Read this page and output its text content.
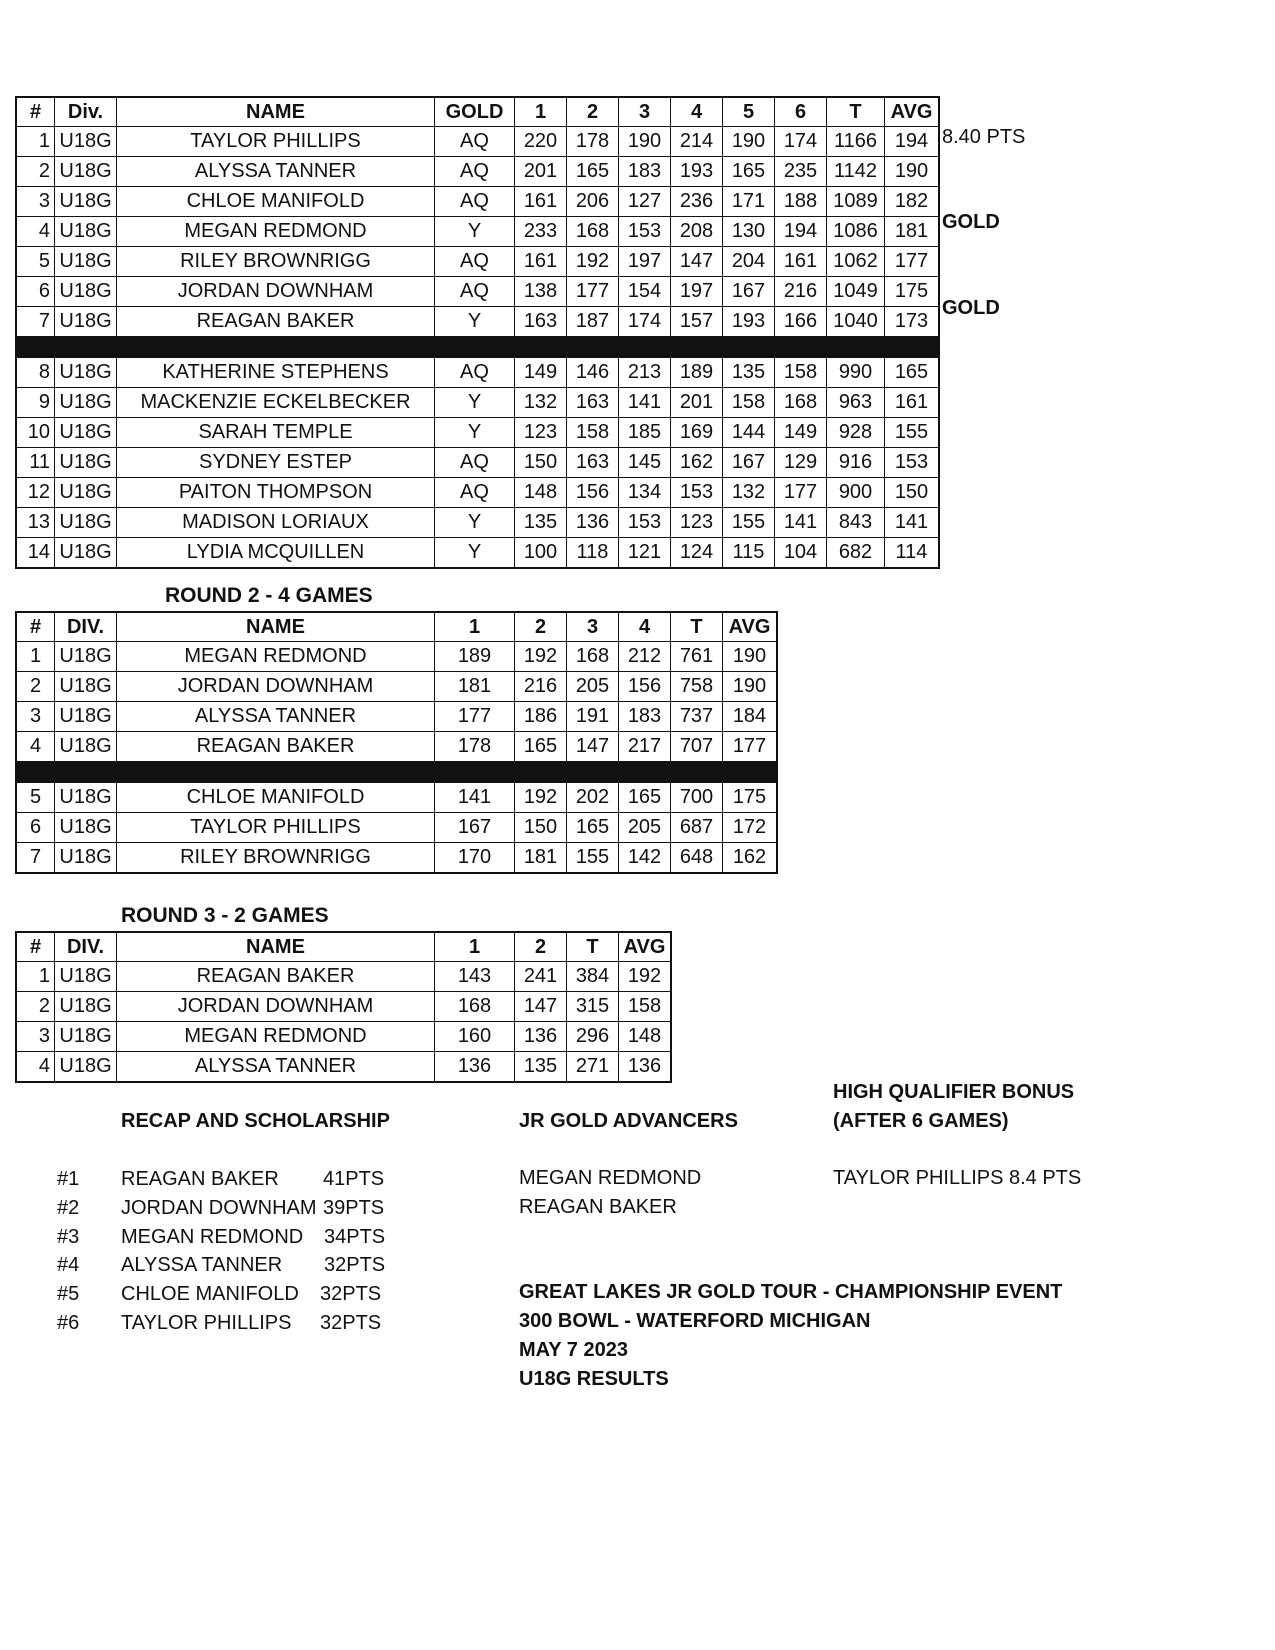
#	Div.	NAME	GOLD	1	2	3	4	5	6	T	AVG
1	U18G	TAYLOR PHILLIPS	AQ	220	178	190	214	190	174	1166	194
2	U18G	ALYSSA TANNER	AQ	201	165	183	193	165	235	1142	190
3	U18G	CHLOE MANIFOLD	AQ	161	206	127	236	171	188	1089	182
4	U18G	MEGAN REDMOND	Y	233	168	153	208	130	194	1086	181
5	U18G	RILEY BROWNRIGG	AQ	161	192	197	147	204	161	1062	177
6	U18G	JORDAN DOWNHAM	AQ	138	177	154	197	167	216	1049	175
7	U18G	REAGAN BAKER	Y	163	187	174	157	193	166	1040	173

8	U18G	KATHERINE STEPHENS	AQ	149	146	213	189	135	158	990	165
9	U18G	MACKENZIE ECKELBECKER	Y	132	163	141	201	158	168	963	161
10	U18G	SARAH TEMPLE	Y	123	158	185	169	144	149	928	155
11	U18G	SYDNEY ESTEP	AQ	150	163	145	162	167	129	916	153
12	U18G	PAITON THOMPSON	AQ	148	156	134	153	132	177	900	150
13	U18G	MADISON LORIAUX	Y	135	136	153	123	155	141	843	141
14	U18G	LYDIA MCQUILLEN	Y	100	118	121	124	115	104	682	114
8.40 PTS
GOLD
GOLD
ROUND 2 - 4 GAMES
#	DIV.	NAME	1	2	3	4	T	AVG
1	U18G	MEGAN REDMOND	189	192	168	212	761	190
2	U18G	JORDAN DOWNHAM	181	216	205	156	758	190
3	U18G	ALYSSA TANNER	177	186	191	183	737	184
4	U18G	REAGAN BAKER	178	165	147	217	707	177

5	U18G	CHLOE MANIFOLD	141	192	202	165	700	175
6	U18G	TAYLOR PHILLIPS	167	150	165	205	687	172
7	U18G	RILEY BROWNRIGG	170	181	155	142	648	162
ROUND 3 - 2 GAMES
#	DIV.	NAME	1	2	T	AVG
1	U18G	REAGAN BAKER	143	241	384	192
2	U18G	JORDAN DOWNHAM	168	147	315	158
3	U18G	MEGAN REDMOND	160	136	296	148
4	U18G	ALYSSA TANNER	136	135	271	136
RECAP AND SCHOLARSHIP
#1 REAGAN BAKER 41PTS
#2 JORDAN DOWNHAM 39PTS
#3 MEGAN REDMOND 34PTS
#4 ALYSSA TANNER 32PTS
#5 CHLOE MANIFOLD 32PTS
#6 TAYLOR PHILLIPS 32PTS
JR GOLD ADVANCERS
MEGAN REDMOND
REAGAN BAKER
HIGH QUALIFIER BONUS
(AFTER 6 GAMES)
TAYLOR PHILLIPS 8.4 PTS
GREAT LAKES JR GOLD TOUR - CHAMPIONSHIP EVENT
300 BOWL - WATERFORD MICHIGAN
MAY 7 2023
U18G RESULTS
